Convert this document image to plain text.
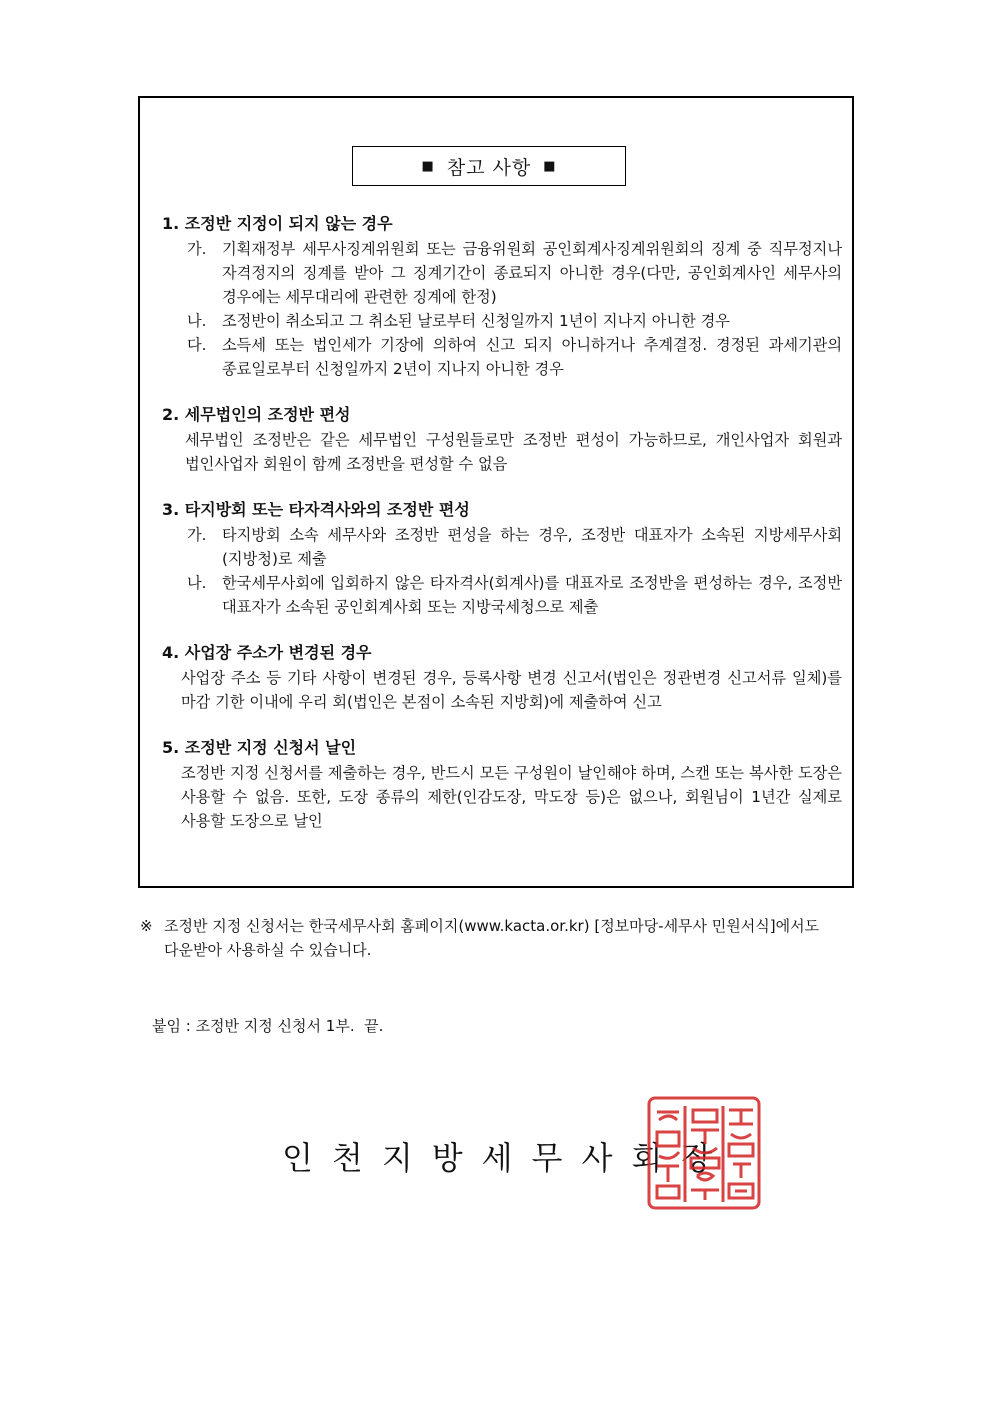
■ 참고 사항 ■
1. 조정반 지정이 되지 않는 경우
가. 기획재정부 세무사징계위원회 또는 금융위원회 공인회계사징계위원회의 징계 중 직무정지나 자격정지의 징계를 받아 그 징계기간이 종료되지 아니한 경우(다만, 공인회계사인 세무사의 경우에는 세무대리에 관련한 징계에 한정)
나. 조정반이 취소되고 그 취소된 날로부터 신청일까지 1년이 지나지 아니한 경우
다. 소득세 또는 법인세가 기장에 의하여 신고 되지 아니하거나 추계결정. 경정된 과세기관의 종료일로부터 신청일까지 2년이 지나지 아니한 경우
2. 세무법인의 조정반 편성
세무법인 조정반은 같은 세무법인 구성원들로만 조정반 편성이 가능하므로, 개인사업자 회원과 법인사업자 회원이 함께 조정반을 편성할 수 없음
3. 타지방회 또는 타자격사와의 조정반 편성
가. 타지방회 소속 세무사와 조정반 편성을 하는 경우, 조정반 대표자가 소속된 지방세무사회(지방청)로 제출
나. 한국세무사회에 입회하지 않은 타자격사(회계사)를 대표자로 조정반을 편성하는 경우, 조정반 대표자가 소속된 공인회계사회 또는 지방국세청으로 제출
4. 사업장 주소가 변경된 경우
사업장 주소 등 기타 사항이 변경된 경우, 등록사항 변경 신고서(법인은 정관변경 신고서류 일체)를 마감 기한 이내에 우리 회(법인은 본점이 소속된 지방회)에 제출하여 신고
5. 조정반 지정 신청서 날인
조정반 지정 신청서를 제출하는 경우, 반드시 모든 구성원이 날인해야 하며, 스캔 또는 복사한 도장은 사용할 수 없음. 또한, 도장 종류의 제한(인감도장, 막도장 등)은 없으나, 회원님이 1년간 실제로 사용할 도장으로 날인
※ 조정반 지정 신청서는 한국세무사회 홈페이지(www.kacta.or.kr) [정보마당-세무사 민원서식]에서도 다운받아 사용하실 수 있습니다.
붙임 : 조정반 지정 신청서 1부.  끝.
인천지방세무사회장
